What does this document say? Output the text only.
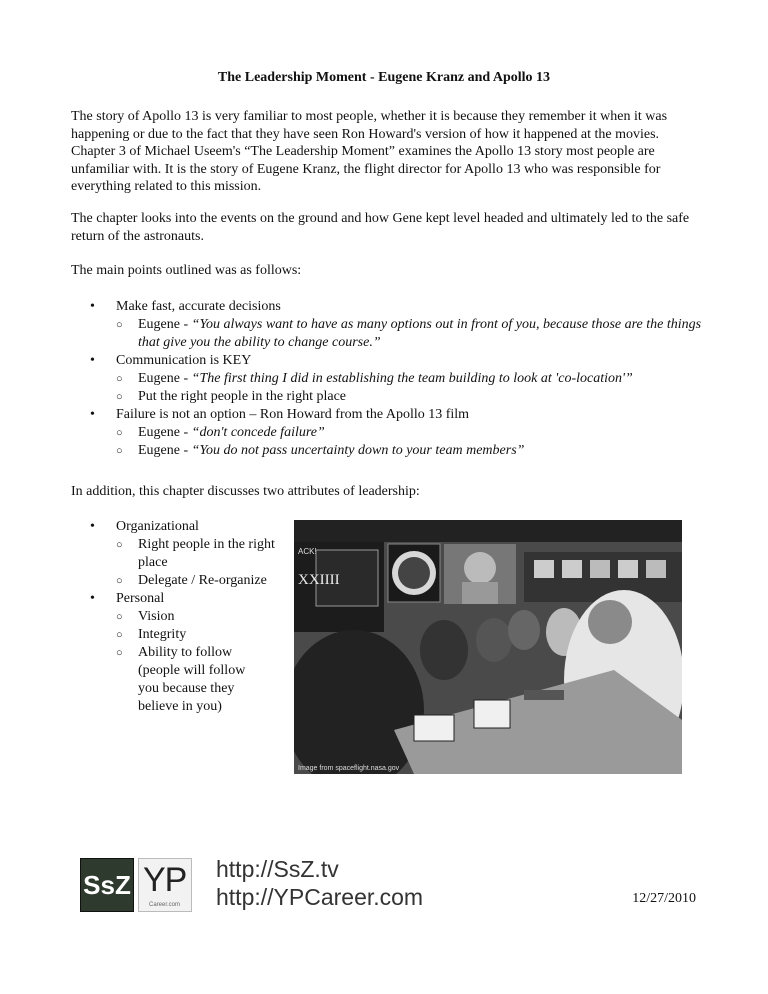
The Leadership Moment - Eugene Kranz and Apollo 13

The story of Apollo 13 is very familiar to most people, whether it is because they remember it when it was happening or due to the fact that they have seen Ron Howard's version of how it happened at the movies. Chapter 3 of Michael Useem's “The Leadership Moment” examines the Apollo 13 story most people are unfamiliar with. It is the story of Eugene Kranz, the flight director for Apollo 13 who was responsible for everything related to this mission.

The chapter looks into the events on the ground and how Gene kept level headed and ultimately led to the safe return of the astronauts.

The main points outlined was as follows:

• Make fast, accurate decisions
○ Eugene - “You always want to have as many options out in front of you, because those are the things that give you the ability to change course.”
• Communication is KEY
○ Eugene - “The first thing I did in establishing the team building to look at 'co-location'”
○ Put the right people in the right place
• Failure is not an option – Ron Howard from the Apollo 13 film
○ Eugene - “don't concede failure”
○ Eugene - “You do not pass uncertainty down to your team members”

In addition, this chapter discusses two attributes of leadership:

• Organizational
○ Right people in the right place
○ Delegate / Re-organize
• Personal
○ Vision
○ Integrity
○ Ability to follow (people will follow you because they believe in you)
ACK!
XXIIII
Image from spaceflight.nasa.gov
SsZ YP
Career.com
http://SsZ.tv
http://YPCareer.com	12/27/2010
